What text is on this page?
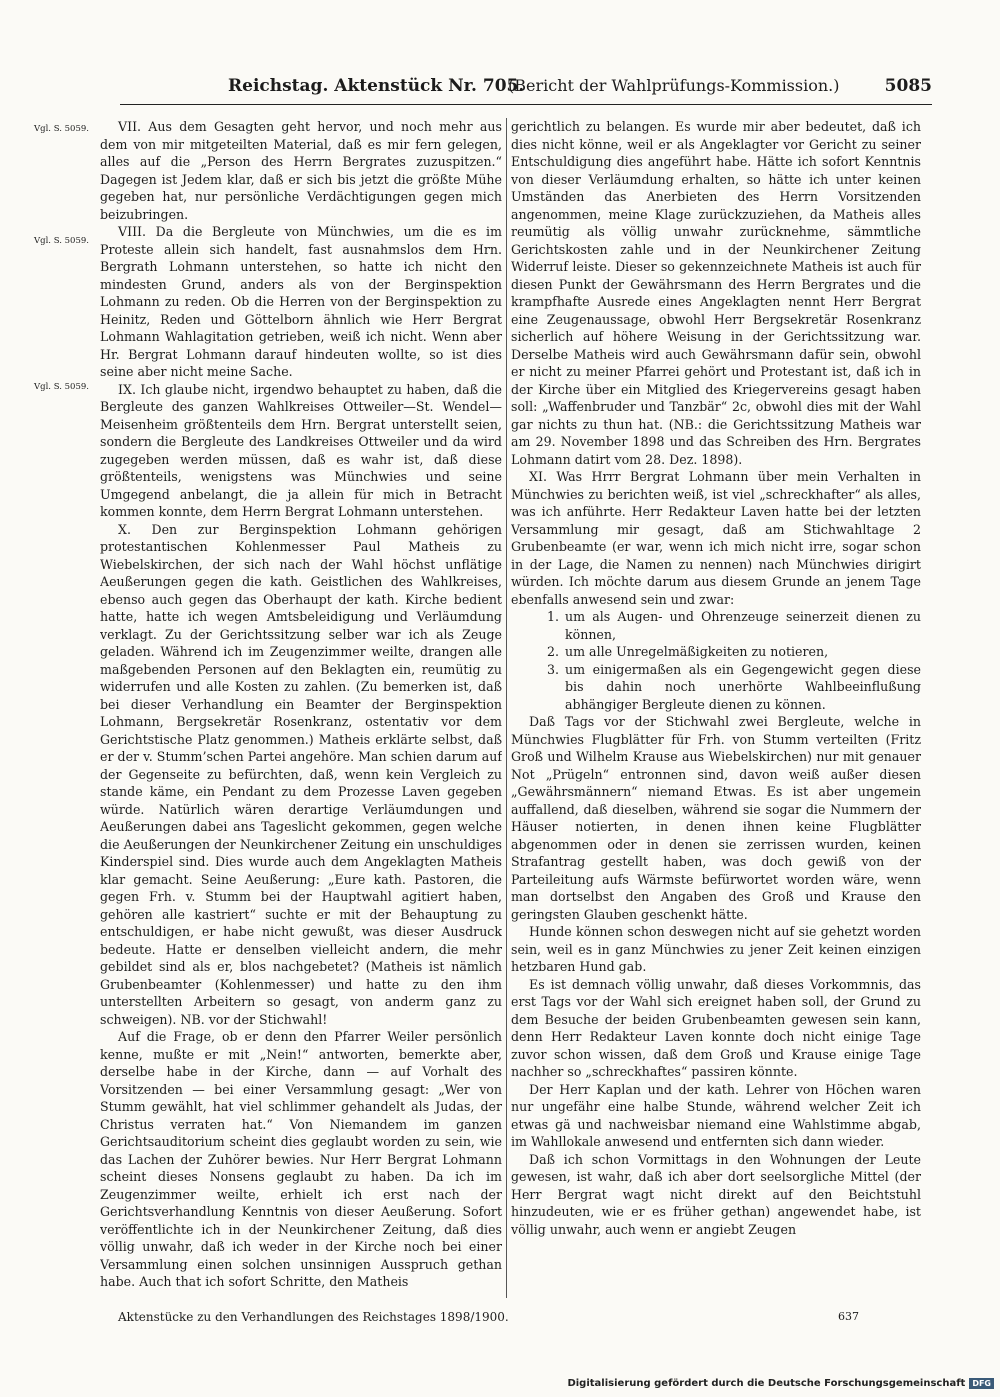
Reichstag. Aktenstück Nr. 705.
(Bericht der Wahlprüfungs-Kommission.)	5085
Vgl. S. 5059.
Vgl. S. 5059.
Vgl. S. 5059.

VII. Aus dem Gesagten geht hervor, und noch mehr aus dem von mir mitgeteilten Material, daß es mir fern gelegen, alles auf die „Person des Herrn Bergrates zuzuspitzen.“ Dagegen ist Jedem klar, daß er sich bis jetzt die größte Mühe gegeben hat, nur persönliche Verdächtigungen gegen mich beizubringen.

VIII. Da die Bergleute von Münchwies, um die es im Proteste allein sich handelt, fast ausnahmslos dem Hrn. Bergrath Lohmann unterstehen, so hatte ich nicht den mindesten Grund, anders als von der Berginspektion Lohmann zu reden. Ob die Herren von der Berginspektion zu Heinitz, Reden und Göttelborn ähnlich wie Herr Bergrat Lohmann Wahlagitation getrieben, weiß ich nicht. Wenn aber Hr. Bergrat Lohmann darauf hindeuten wollte, so ist dies seine aber nicht meine Sache.

IX. Ich glaube nicht, irgendwo behauptet zu haben, daß die Bergleute des ganzen Wahlkreises Ottweiler—St. Wendel—Meisenheim größtenteils dem Hrn. Bergrat unterstellt seien, sondern die Bergleute des Landkreises Ottweiler und da wird zugegeben werden müssen, daß es wahr ist, daß diese größtenteils, wenigstens was Münchwies und seine Umgegend anbelangt, die ja allein für mich in Betracht kommen konnte, dem Herrn Bergrat Lohmann unterstehen.

X. Den zur Berginspektion Lohmann gehörigen protestantischen Kohlenmesser Paul Matheis zu Wiebelskirchen, der sich nach der Wahl höchst unflätige Aeußerungen gegen die kath. Geistlichen des Wahlkreises, ebenso auch gegen das Oberhaupt der kath. Kirche bedient hatte, hatte ich wegen Amtsbeleidigung und Verläumdung verklagt. Zu der Gerichtssitzung selber war ich als Zeuge geladen. Während ich im Zeugenzimmer weilte, drangen alle maßgebenden Personen auf den Beklagten ein, reumütig zu widerrufen und alle Kosten zu zahlen. (Zu bemerken ist, daß bei dieser Verhandlung ein Beamter der Berginspektion Lohmann, Bergsekretär Rosenkranz, ostentativ vor dem Gerichtstische Platz genommen.) Matheis erklärte selbst, daß er der v. Stumm’schen Partei angehöre. Man schien darum auf der Gegenseite zu befürchten, daß, wenn kein Vergleich zu stande käme, ein Pendant zu dem Prozesse Laven gegeben würde. Natürlich wären derartige Verläumdungen und Aeußerungen dabei ans Tageslicht gekommen, gegen welche die Aeußerungen der Neunkirchener Zeitung ein unschuldiges Kinderspiel sind. Dies wurde auch dem Angeklagten Matheis klar gemacht. Seine Aeußerung: „Eure kath. Pastoren, die gegen Frh. v. Stumm bei der Hauptwahl agitiert haben, gehören alle kastriert“ suchte er mit der Behauptung zu entschuldigen, er habe nicht gewußt, was dieser Ausdruck bedeute. Hatte er denselben vielleicht andern, die mehr gebildet sind als er, blos nachgebetet? (Matheis ist nämlich Grubenbeamter (Kohlenmesser) und hatte zu den ihm unterstellten Arbeitern so gesagt, von anderm ganz zu schweigen). NB. vor der Stichwahl!

Auf die Frage, ob er denn den Pfarrer Weiler persönlich kenne, mußte er mit „Nein!“ antworten, bemerkte aber, derselbe habe in der Kirche, dann — auf Vorhalt des Vorsitzenden — bei einer Versammlung gesagt: „Wer von Stumm gewählt, hat viel schlimmer gehandelt als Judas, der Christus verraten hat.“ Von Niemandem im ganzen Gerichtsauditorium scheint dies geglaubt worden zu sein, wie das Lachen der Zuhörer bewies. Nur Herr Bergrat Lohmann scheint dieses Nonsens geglaubt zu haben. Da ich im Zeugenzimmer weilte, erhielt ich erst nach der Gerichtsverhandlung Kenntnis von dieser Aeußerung. Sofort veröffentlichte ich in der Neunkirchener Zeitung, daß dies völlig unwahr, daß ich weder in der Kirche noch bei einer Versammlung einen solchen unsinnigen Ausspruch gethan habe. Auch that ich sofort Schritte, den Matheis

gerichtlich zu belangen. Es wurde mir aber bedeutet, daß ich dies nicht könne, weil er als Angeklagter vor Gericht zu seiner Entschuldigung dies angeführt habe. Hätte ich sofort Kenntnis von dieser Verläumdung erhalten, so hätte ich unter keinen Umständen das Anerbieten des Herrn Vorsitzenden angenommen, meine Klage zurückzuziehen, da Matheis alles reumütig als völlig unwahr zurücknehme, sämmtliche Gerichtskosten zahle und in der Neunkirchener Zeitung Widerruf leiste. Dieser so gekennzeichnete Matheis ist auch für diesen Punkt der Gewährsmann des Herrn Bergrates und die krampfhafte Ausrede eines Angeklagten nennt Herr Bergrat eine Zeugenaussage, obwohl Herr Bergsekretär Rosenkranz sicherlich auf höhere Weisung in der Gerichtssitzung war. Derselbe Matheis wird auch Gewährsmann dafür sein, obwohl er nicht zu meiner Pfarrei gehört und Protestant ist, daß ich in der Kirche über ein Mitglied des Kriegervereins gesagt haben soll: „Waffenbruder und Tanzbär“ 2c, obwohl dies mit der Wahl gar nichts zu thun hat. (NB.: die Gerichtssitzung Matheis war am 29. November 1898 und das Schreiben des Hrn. Bergrates Lohmann datirt vom 28. Dez. 1898).

XI. Was Hrrr Bergrat Lohmann über mein Verhalten in Münchwies zu berichten weiß, ist viel „schreckhafter“ als alles, was ich anführte. Herr Redakteur Laven hatte bei der letzten Versammlung mir gesagt, daß am Stichwahltage 2 Grubenbeamte (er war, wenn ich mich nicht irre, sogar schon in der Lage, die Namen zu nennen) nach Münchwies dirigirt würden. Ich möchte darum aus diesem Grunde an jenem Tage ebenfalls anwesend sein und zwar:

1. um als Augen- und Ohrenzeuge seinerzeit dienen zu können,
2. um alle Unregelmäßigkeiten zu notieren,
3. um einigermaßen als ein Gegengewicht gegen diese bis dahin noch unerhörte Wahlbeeinflußung abhängiger Bergleute dienen zu können.

Daß Tags vor der Stichwahl zwei Bergleute, welche in Münchwies Flugblätter für Frh. von Stumm verteilten (Fritz Groß und Wilhelm Krause aus Wiebelskirchen) nur mit genauer Not „Prügeln“ entronnen sind, davon weiß außer diesen „Gewährsmännern“ niemand Etwas. Es ist aber ungemein auffallend, daß dieselben, während sie sogar die Nummern der Häuser notierten, in denen ihnen keine Flugblätter abgenommen oder in denen sie zerrissen wurden, keinen Strafantrag gestellt haben, was doch gewiß von der Parteileitung aufs Wärmste befürwortet worden wäre, wenn man dortselbst den Angaben des Groß und Krause den geringsten Glauben geschenkt hätte.

Hunde können schon deswegen nicht auf sie gehetzt worden sein, weil es in ganz Münchwies zu jener Zeit keinen einzigen hetzbaren Hund gab.

Es ist demnach völlig unwahr, daß dieses Vorkommnis, das erst Tags vor der Wahl sich ereignet haben soll, der Grund zu dem Besuche der beiden Grubenbeamten gewesen sein kann, denn Herr Redakteur Laven konnte doch nicht einige Tage zuvor schon wissen, daß dem Groß und Krause einige Tage nachher so „schreckhaftes“ passiren könnte.

Der Herr Kaplan und der kath. Lehrer von Höchen waren nur ungefähr eine halbe Stunde, während welcher Zeit ich etwas gä und nachweisbar niemand eine Wahlstimme abgab, im Wahllokale anwesend und entfernten sich dann wieder.

Daß ich schon Vormittags in den Wohnungen der Leute gewesen, ist wahr, daß ich aber dort seelsorgliche Mittel (der Herr Bergrat wagt nicht direkt auf den Beichtstuhl hinzudeuten, wie er es früher gethan) angewendet habe, ist völlig unwahr, auch wenn er angiebt Zeugen

Aktenstücke zu den Verhandlungen des Reichstages 1898/1900.	637
Digitalisierung gefördert durch die Deutsche Forschungsgemeinschaft DFG
